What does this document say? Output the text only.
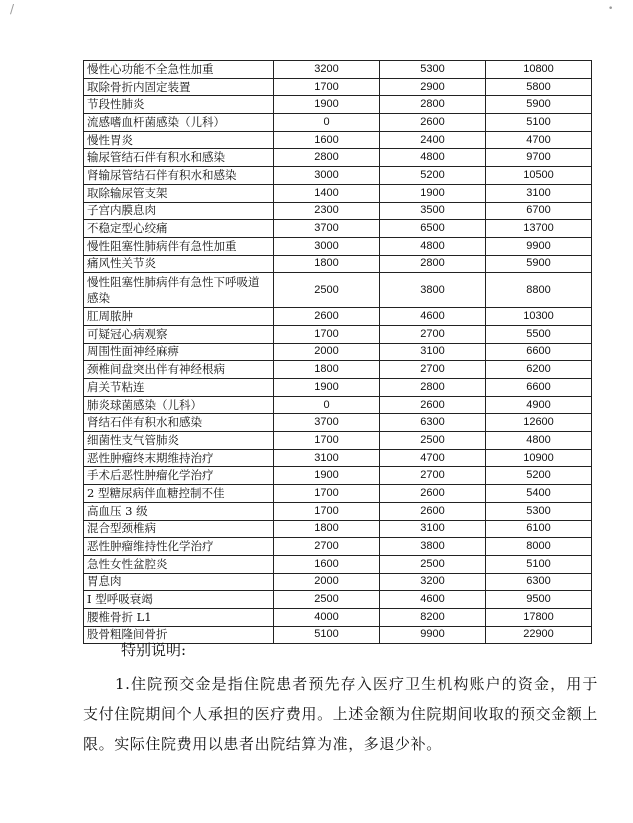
/	•
慢性心功能不全急性加重	3200	5300	10800
取除骨折内固定装置	1700	2900	5800
节段性肺炎	1900	2800	5900
流感嗜血杆菌感染（儿科）	0	2600	5100
慢性胃炎	1600	2400	4700
输尿管结石伴有积水和感染	2800	4800	9700
肾输尿管结石伴有积水和感染	3000	5200	10500
取除输尿管支架	1400	1900	3100
子宫内膜息肉	2300	3500	6700
不稳定型心绞痛	3700	6500	13700
慢性阻塞性肺病伴有急性加重	3000	4800	9900
痛风性关节炎	1800	2800	5900
慢性阻塞性肺病伴有急性下呼吸道感染	2500	3800	8800
肛周脓肿	2600	4600	10300
可疑冠心病观察	1700	2700	5500
周围性面神经麻痹	2000	3100	6600
颈椎间盘突出伴有神经根病	1800	2700	6200
肩关节粘连	1900	2800	6600
肺炎球菌感染（儿科）	0	2600	4900
肾结石伴有积水和感染	3700	6300	12600
细菌性支气管肺炎	1700	2500	4800
恶性肿瘤终末期维持治疗	3100	4700	10900
手术后恶性肿瘤化学治疗	1900	2700	5200
2 型糖尿病伴血糖控制不佳	1700	2600	5400
高血压 3 级	1700	2600	5300
混合型颈椎病	1800	3100	6100
恶性肿瘤维持性化学治疗	2700	3800	8000
急性女性盆腔炎	1600	2500	5100
胃息肉	2000	3200	6300
I 型呼吸衰竭	2500	4600	9500
腰椎骨折 L1	4000	8200	17800
股骨粗隆间骨折	5100	9900	22900

特别说明:

1.住院预交金是指住院患者预先存入医疗卫生机构账户的资金，用于支付住院期间个人承担的医疗费用。上述金额为住院期间收取的预交金额上限。实际住院费用以患者出院结算为准，多退少补。
